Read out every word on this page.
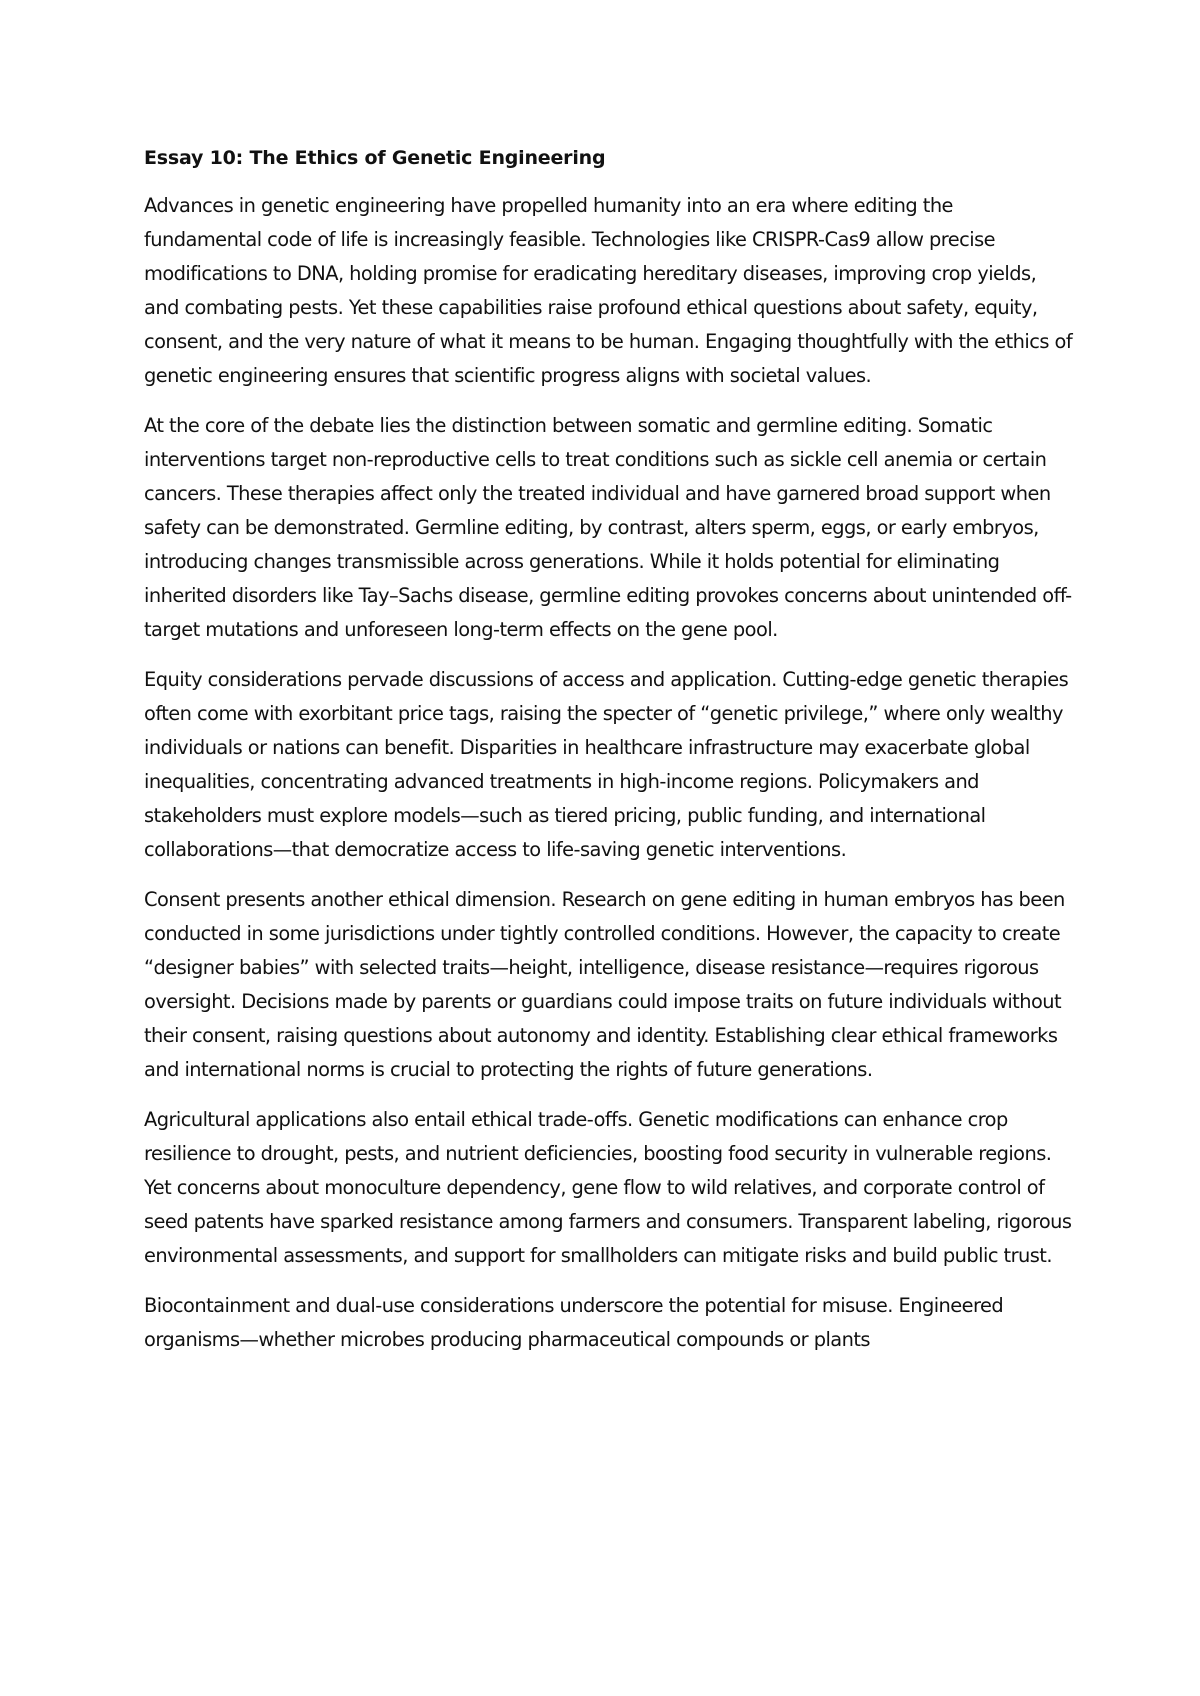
Essay 10: The Ethics of Genetic Engineering

Advances in genetic engineering have propelled humanity into an era where editing the fundamental code of life is increasingly feasible. Technologies like CRISPR-Cas9 allow precise modifications to DNA, holding promise for eradicating hereditary diseases, improving crop yields, and combating pests. Yet these capabilities raise profound ethical questions about safety, equity, consent, and the very nature of what it means to be human. Engaging thoughtfully with the ethics of genetic engineering ensures that scientific progress aligns with societal values.

At the core of the debate lies the distinction between somatic and germline editing. Somatic interventions target non-reproductive cells to treat conditions such as sickle cell anemia or certain cancers. These therapies affect only the treated individual and have garnered broad support when safety can be demonstrated. Germline editing, by contrast, alters sperm, eggs, or early embryos, introducing changes transmissible across generations. While it holds potential for eliminating inherited disorders like Tay–Sachs disease, germline editing provokes concerns about unintended off-target mutations and unforeseen long-term effects on the gene pool.

Equity considerations pervade discussions of access and application. Cutting-edge genetic therapies often come with exorbitant price tags, raising the specter of “genetic privilege,” where only wealthy individuals or nations can benefit. Disparities in healthcare infrastructure may exacerbate global inequalities, concentrating advanced treatments in high-income regions. Policymakers and stakeholders must explore models—such as tiered pricing, public funding, and international collaborations—that democratize access to life-saving genetic interventions.

Consent presents another ethical dimension. Research on gene editing in human embryos has been conducted in some jurisdictions under tightly controlled conditions. However, the capacity to create “designer babies” with selected traits—height, intelligence, disease resistance—requires rigorous oversight. Decisions made by parents or guardians could impose traits on future individuals without their consent, raising questions about autonomy and identity. Establishing clear ethical frameworks and international norms is crucial to protecting the rights of future generations.

Agricultural applications also entail ethical trade-offs. Genetic modifications can enhance crop resilience to drought, pests, and nutrient deficiencies, boosting food security in vulnerable regions. Yet concerns about monoculture dependency, gene flow to wild relatives, and corporate control of seed patents have sparked resistance among farmers and consumers. Transparent labeling, rigorous environmental assessments, and support for smallholders can mitigate risks and build public trust.

Biocontainment and dual-use considerations underscore the potential for misuse. Engineered organisms—whether microbes producing pharmaceutical compounds or plants
